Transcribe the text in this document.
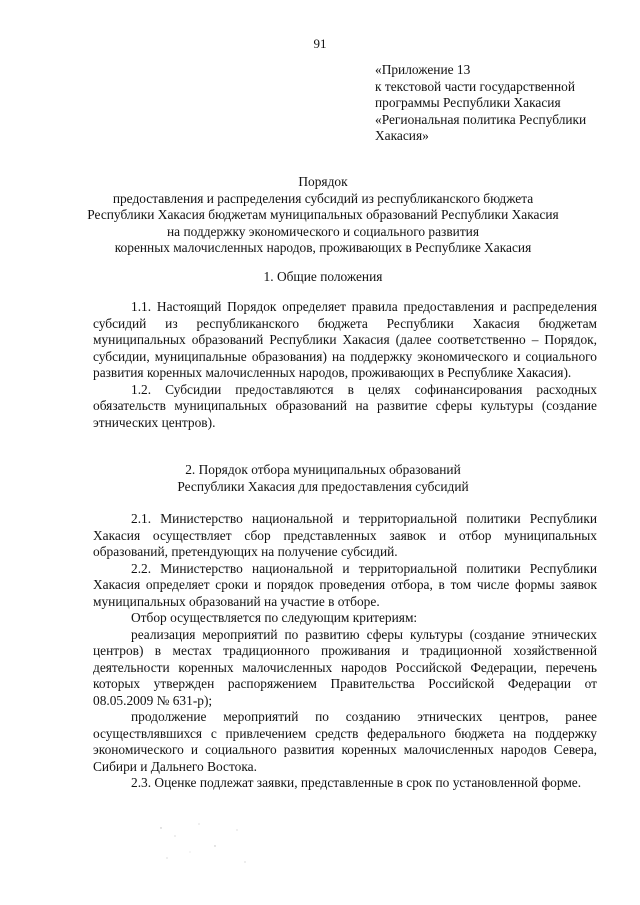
91
«Приложение 13
к текстовой части государственной
программы Республики Хакасия
«Региональная политика Республики
Хакасия»
Порядок
предоставления и распределения субсидий из республиканского бюджета
Республики Хакасия бюджетам муниципальных образований Республики Хакасия
на поддержку экономического и социального развития
коренных малочисленных народов, проживающих в Республике Хакасия
1. Общие положения

1.1. Настоящий Порядок определяет правила предоставления и распределения субсидий из республиканского бюджета Республики Хакасия бюджетам муниципальных образований Республики Хакасия (далее соответственно – Порядок, субсидии, муниципальные образования) на поддержку экономического и социального развития коренных малочисленных народов, проживающих в Республике Хакасия).

1.2. Субсидии предоставляются в целях софинансирования расходных обязательств муниципальных образований на развитие сферы культуры (создание этнических центров).

2. Порядок отбора муниципальных образований
Республики Хакасия для предоставления субсидий

2.1. Министерство национальной и территориальной политики Республики Хакасия осуществляет сбор представленных заявок и отбор муниципальных образований, претендующих на получение субсидий.

2.2. Министерство национальной и территориальной политики Республики Хакасия определяет сроки и порядок проведения отбора, в том числе формы заявок муниципальных образований на участие в отборе.

Отбор осуществляется по следующим критериям:

реализация мероприятий по развитию сферы культуры (создание этнических центров) в местах традиционного проживания и традиционной хозяйственной деятельности коренных малочисленных народов Российской Федерации, перечень которых утвержден распоряжением Правительства Российской Федерации от 08.05.2009 № 631-р);

продолжение мероприятий по созданию этнических центров, ранее осуществлявшихся с привлечением средств федерального бюджета на поддержку экономического и социального развития коренных малочисленных народов Севера, Сибири и Дальнего Востока.

2.3. Оценке подлежат заявки, представленные в срок по установленной форме.
